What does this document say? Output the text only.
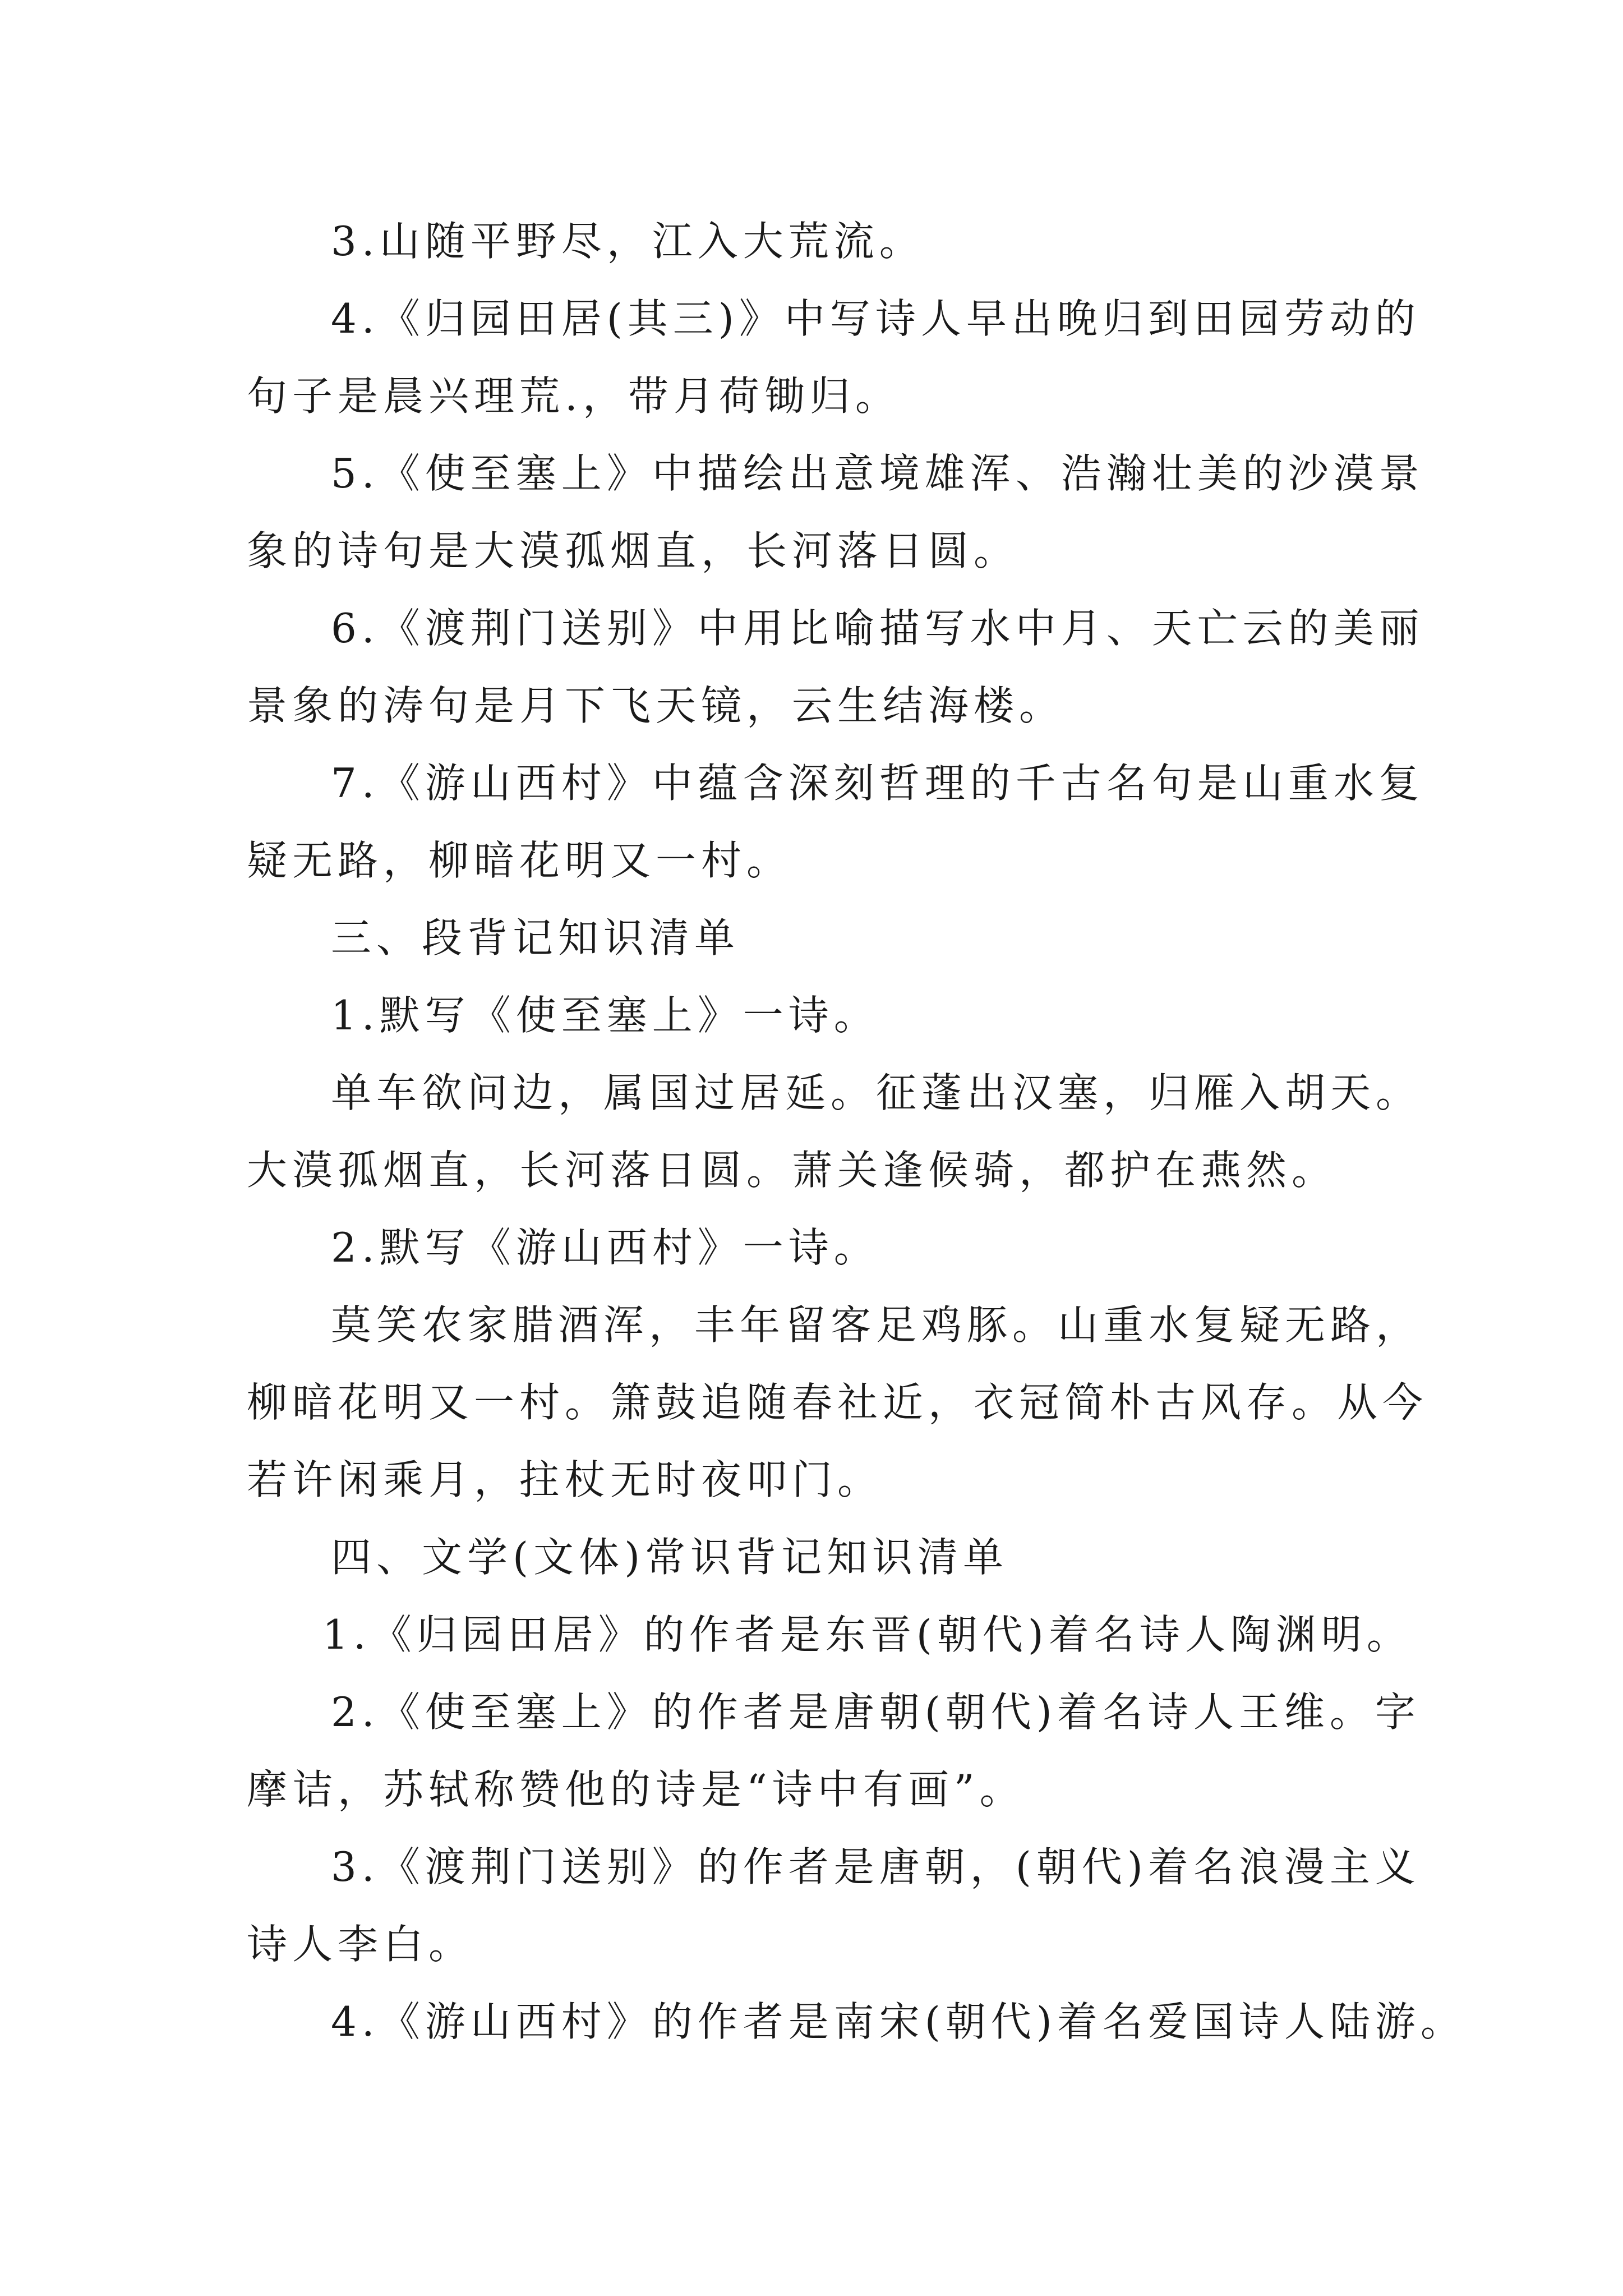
3.山随平野尽，江入大荒流。
4.《归园田居(其三)》中写诗人早出晚归到田园劳动的
句子是晨兴理荒.，带月荷锄归。
5.《使至塞上》中描绘出意境雄浑、浩瀚壮美的沙漠景
象的诗句是大漠孤烟直，长河落日圆。
6.《渡荆门送别》中用比喻描写水中月、天亡云的美丽
景象的涛句是月下飞天镜，云生结海楼。
7.《游山西村》中蕴含深刻哲理的千古名句是山重水复
疑无路，柳暗花明又一村。
三、段背记知识清单
1.默写《使至塞上》一诗。
单车欲问边，属国过居延。征蓬出汉塞，归雁入胡天。
大漠孤烟直，长河落日圆。萧关逢候骑，都护在燕然。
2.默写《游山西村》一诗。
莫笑农家腊酒浑，丰年留客足鸡豚。山重水复疑无路，
柳暗花明又一村。箫鼓追随春社近，衣冠简朴古风存。从今
若许闲乘月，拄杖无时夜叩门。
四、文学(文体)常识背记知识清单
1.《归园田居》的作者是东晋(朝代)着名诗人陶渊明。
2.《使至塞上》的作者是唐朝(朝代)着名诗人王维。字
摩诘，苏轼称赞他的诗是“诗中有画”。
3.《渡荆门送别》的作者是唐朝，(朝代)着名浪漫主义
诗人李白。
4.《游山西村》的作者是南宋(朝代)着名爱国诗人陆游。
